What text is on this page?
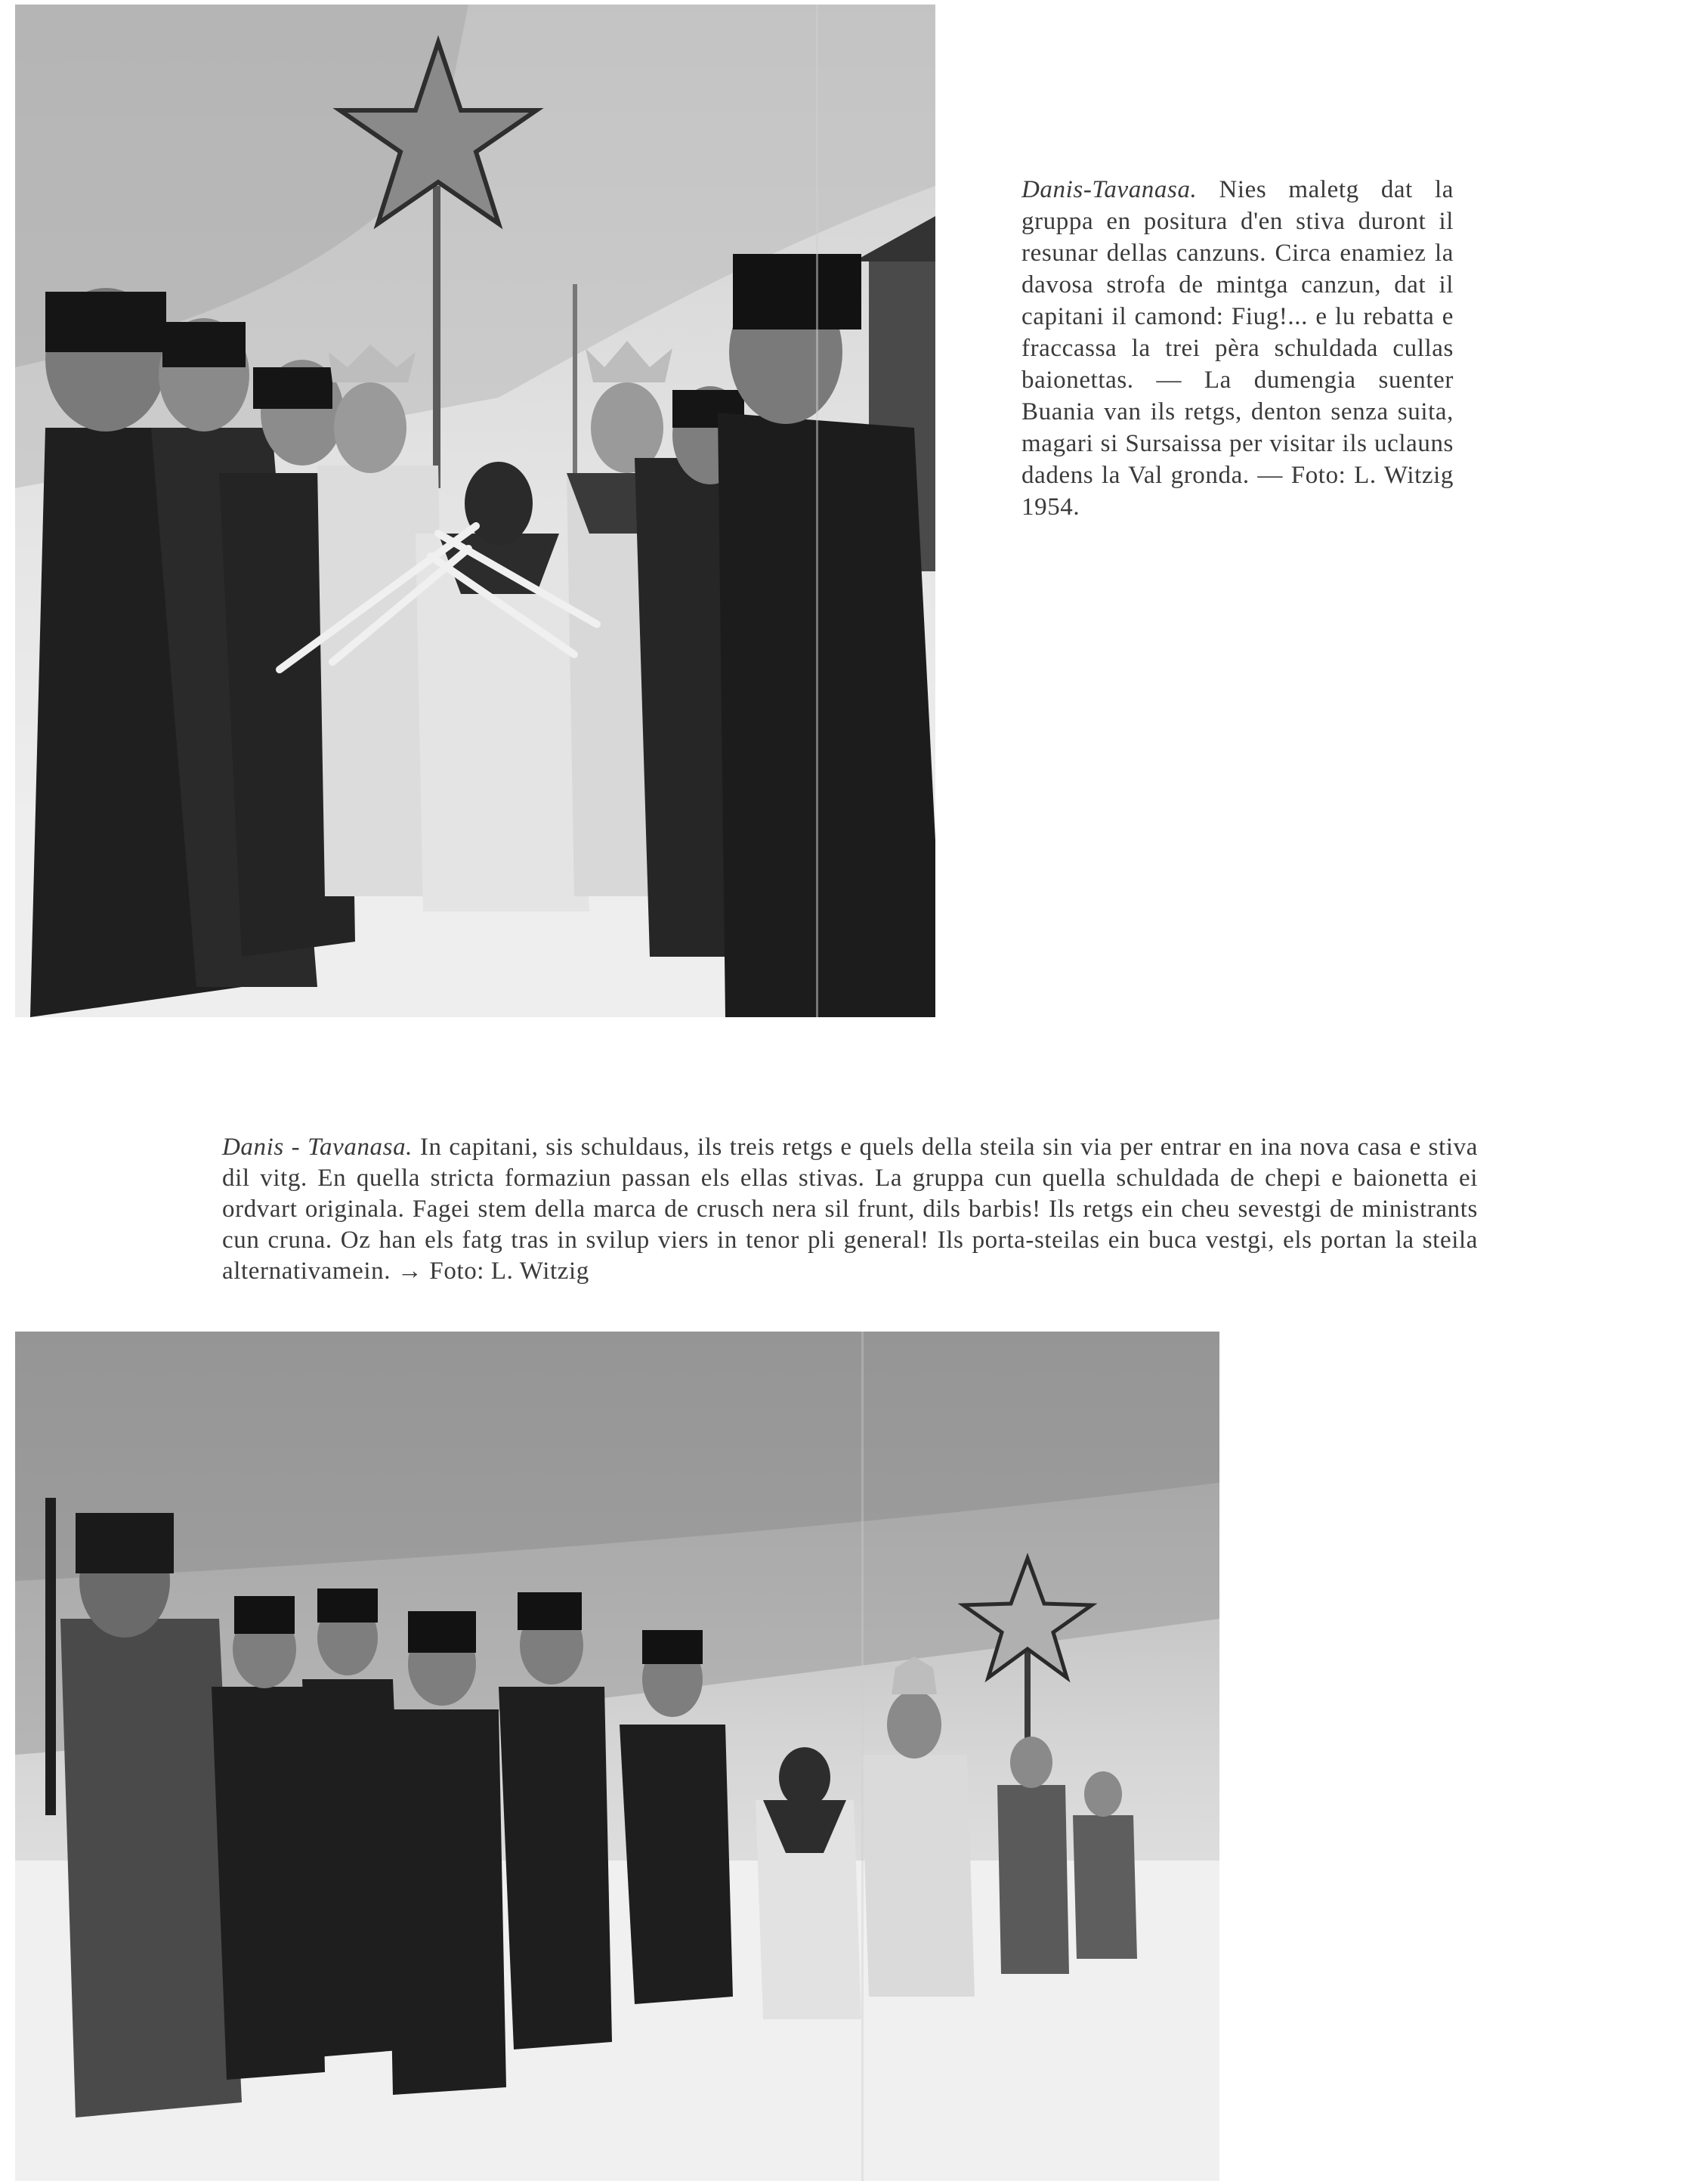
Danis-Tavanasa. Nies maletg dat la gruppa en positura d'en stiva duront il resunar dellas canzuns. Circa enamiez la davosa strofa de mintga canzun, dat il capitani il camond: Fiug!... e lu rebatta e fraccassa la trei pèra schuldada cullas baionettas. — La dumengia suenter Buania van ils retgs, denton senza suita, magari si Sursaissa per visitar ils uclauns dadens la Val gronda. — Foto: L. Witzig 1954.
Danis - Tavanasa. In capitani, sis schuldaus, ils treis retgs e quels della steila sin via per entrar en ina nova casa e stiva dil vitg. En quella stricta formaziun passan els ellas stivas. La gruppa cun quella schuldada de chepi e baionetta ei ordvart originala. Fagei stem della marca de crusch nera sil frunt, dils barbis! Ils retgs ein cheu sevestgi de ministrants cun cruna. Oz han els fatg tras in svilup viers in tenor pli general! Ils porta-steilas ein buca vestgi, els portan la steila alternativamein. → Foto: L. Witzig
